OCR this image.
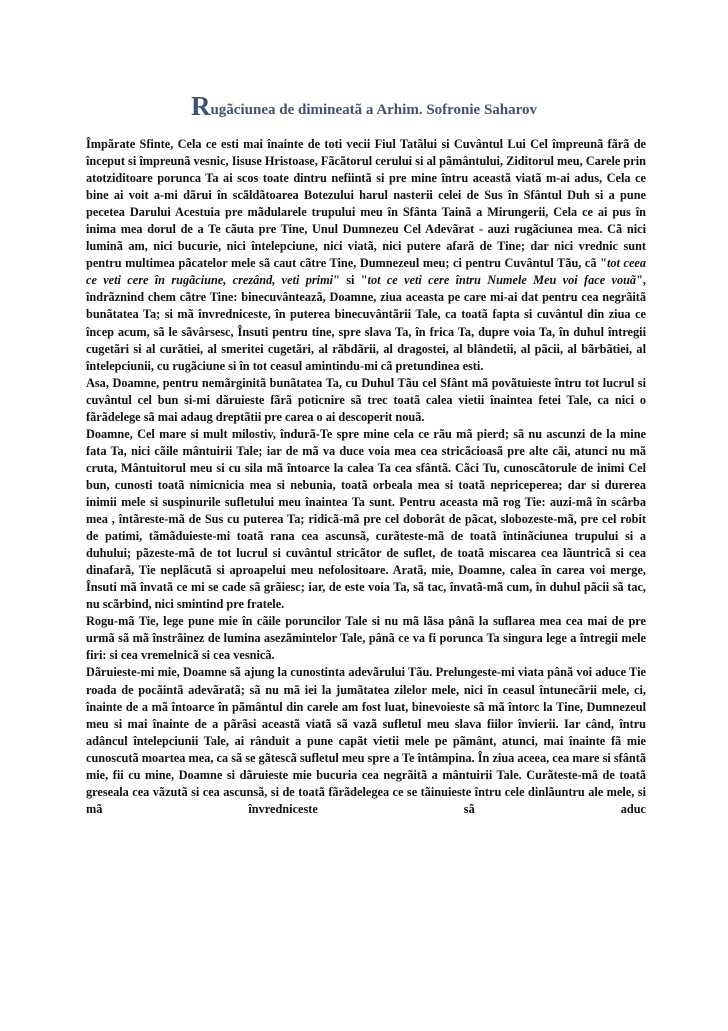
Rugãciunea de dimineatã a Arhim. Sofronie Saharov

Împãrate Sfinte, Cela ce esti mai înainte de toti vecii Fiul Tatãlui si Cuvântul Lui Cel împreunã fãrã de început si împreunã vesnic, Iisuse Hristoase, Fãcãtorul cerului si al pãmântului, Ziditorul meu, Carele prin atotziditoare porunca Ta ai scos toate dintru nefiintã si pre mine întru aceastã viatã m-ai adus, Cela ce bine ai voit a-mi dãrui în scãldãtoarea Botezului harul nasterii celei de Sus în Sfântul Duh si a pune pecetea Darului Acestuia pre mãdularele trupului meu în Sfânta Tainã a Mirungerii, Cela ce ai pus în inima mea dorul de a Te cãuta pre Tine, Unul Dumnezeu Cel Adevãrat - auzi rugãciunea mea. Cã nici luminã am, nici bucurie, nici întelepciune, nici viatã, nici putere afarã de Tine; dar nici vrednic sunt pentru multimea pãcatelor mele sã caut cãtre Tine, Dumnezeul meu; ci pentru Cuvântul Tãu, cã "tot ceea ce veti cere în rugãciune, crezând, veti primi" si "tot ce veti cere întru Numele Meu voi face vouã", îndrãznind chem cãtre Tine: binecuvânteazã, Doamne, ziua aceasta pe care mi-ai dat pentru cea negrãitã bunãtatea Ta; si mã învredniceste, în puterea binecuvântãrii Tale, ca toatã fapta si cuvântul din ziua ce încep acum, sã le sãvârsesc, Însuti pentru tine, spre slava Ta, în frica Ta, dupre voia Ta, în duhul întregii cugetãri si al curãtiei, al smeritei cugetãri, al rãbdãrii, al dragostei, al blândetii, al pãcii, al bãrbãtiei, al întelepciunii, cu rugãciune si în tot ceasul amintindu-mi cã pretundinea esti.

Asa, Doamne, pentru nemãrginitã bunãtatea Ta, cu Duhul Tãu cel Sfânt mã povãtuieste întru tot lucrul si cuvântul cel bun si-mi dãruieste fãrã poticnire sã trec toatã calea vietii înaintea fetei Tale, ca nici o fãrãdelege sã mai adaug dreptãtii pre carea o ai descoperit nouã.

Doamne, Cel mare si mult milostiv, îndurã-Te spre mine cela ce rãu mã pierd; sã nu ascunzi de la mine fata Ta, nici cãile mântuirii Tale; iar de mã va duce voia mea cea stricãcioasã pre alte cãi, atunci nu mã cruta, Mântuitorul meu si cu sila mã întoarce la calea Ta cea sfântã. Cãci Tu, cunoscãtorule de inimi Cel bun, cunosti toatã nimicnicia mea si nebunia, toatã orbeala mea si toatã nepriceperea; dar si durerea inimii mele si suspinurile sufletului meu înaintea Ta sunt. Pentru aceasta mã rog Tie: auzi-mã în scârba mea , întãreste-mã de Sus cu puterea Ta; ridicã-mã pre cel doborât de pãcat, slobozeste-mã, pre cel robit de patimi, tãmãduieste-mi toatã rana cea ascunsã, curãteste-mã de toatã întinãciunea trupului si a duhului; pãzeste-mã de tot lucrul si cuvântul stricãtor de suflet, de toatã miscarea cea lãuntricã si cea dinafarã, Tie neplãcutã si aproapelui meu nefolositoare. Aratã, mie, Doamne, calea în carea voi merge, Însuti mã învatã ce mi se cade sã grãiesc; iar, de este voia Ta, sã tac, învatã-mã cum, în duhul pãcii sã tac, nu scãrbind, nici smintind pre fratele.

Rogu-mã Tie, lege pune mie în cãile poruncilor Tale si nu mã lãsa pânã la suflarea mea cea mai de pre urmã sã mã înstrãinez de lumina asezãmintelor Tale, pânã ce va fi porunca Ta singura lege a întregii mele firi: si cea vremelnicã si cea vesnicã.

Dãruieste-mi mie, Doamne sã ajung la cunostinta adevãrului Tãu. Prelungeste-mi viata pânã voi aduce Tie roada de pocãintã adevãratã; sã nu mã iei la jumãtatea zilelor mele, nici în ceasul întunecãrii mele, ci, înainte de a mã întoarce în pãmântul din carele am fost luat, binevoieste sã mã întorc la Tine, Dumnezeul meu si mai înainte de a pãrãsi aceastã viatã sã vazã sufletul meu slava fiilor învierii. Iar când, întru adâncul întelepciunii Tale, ai rânduit a pune capãt vietii mele pe pãmânt, atunci, mai înainte fã mie cunoscutã moartea mea, ca sã se gãtescã sufletul meu spre a Te întâmpina. În ziua aceea, cea mare si sfântã mie, fii cu mine, Doamne si dãruieste mie bucuria cea negrãitã a mântuirii Tale. Curãteste-mã de toatã greseala cea vãzutã si cea ascunsã, si de toatã fãrãdelegea ce se tãinuieste întru cele dinlãuntru ale mele, si mã învredniceste sã aduc
